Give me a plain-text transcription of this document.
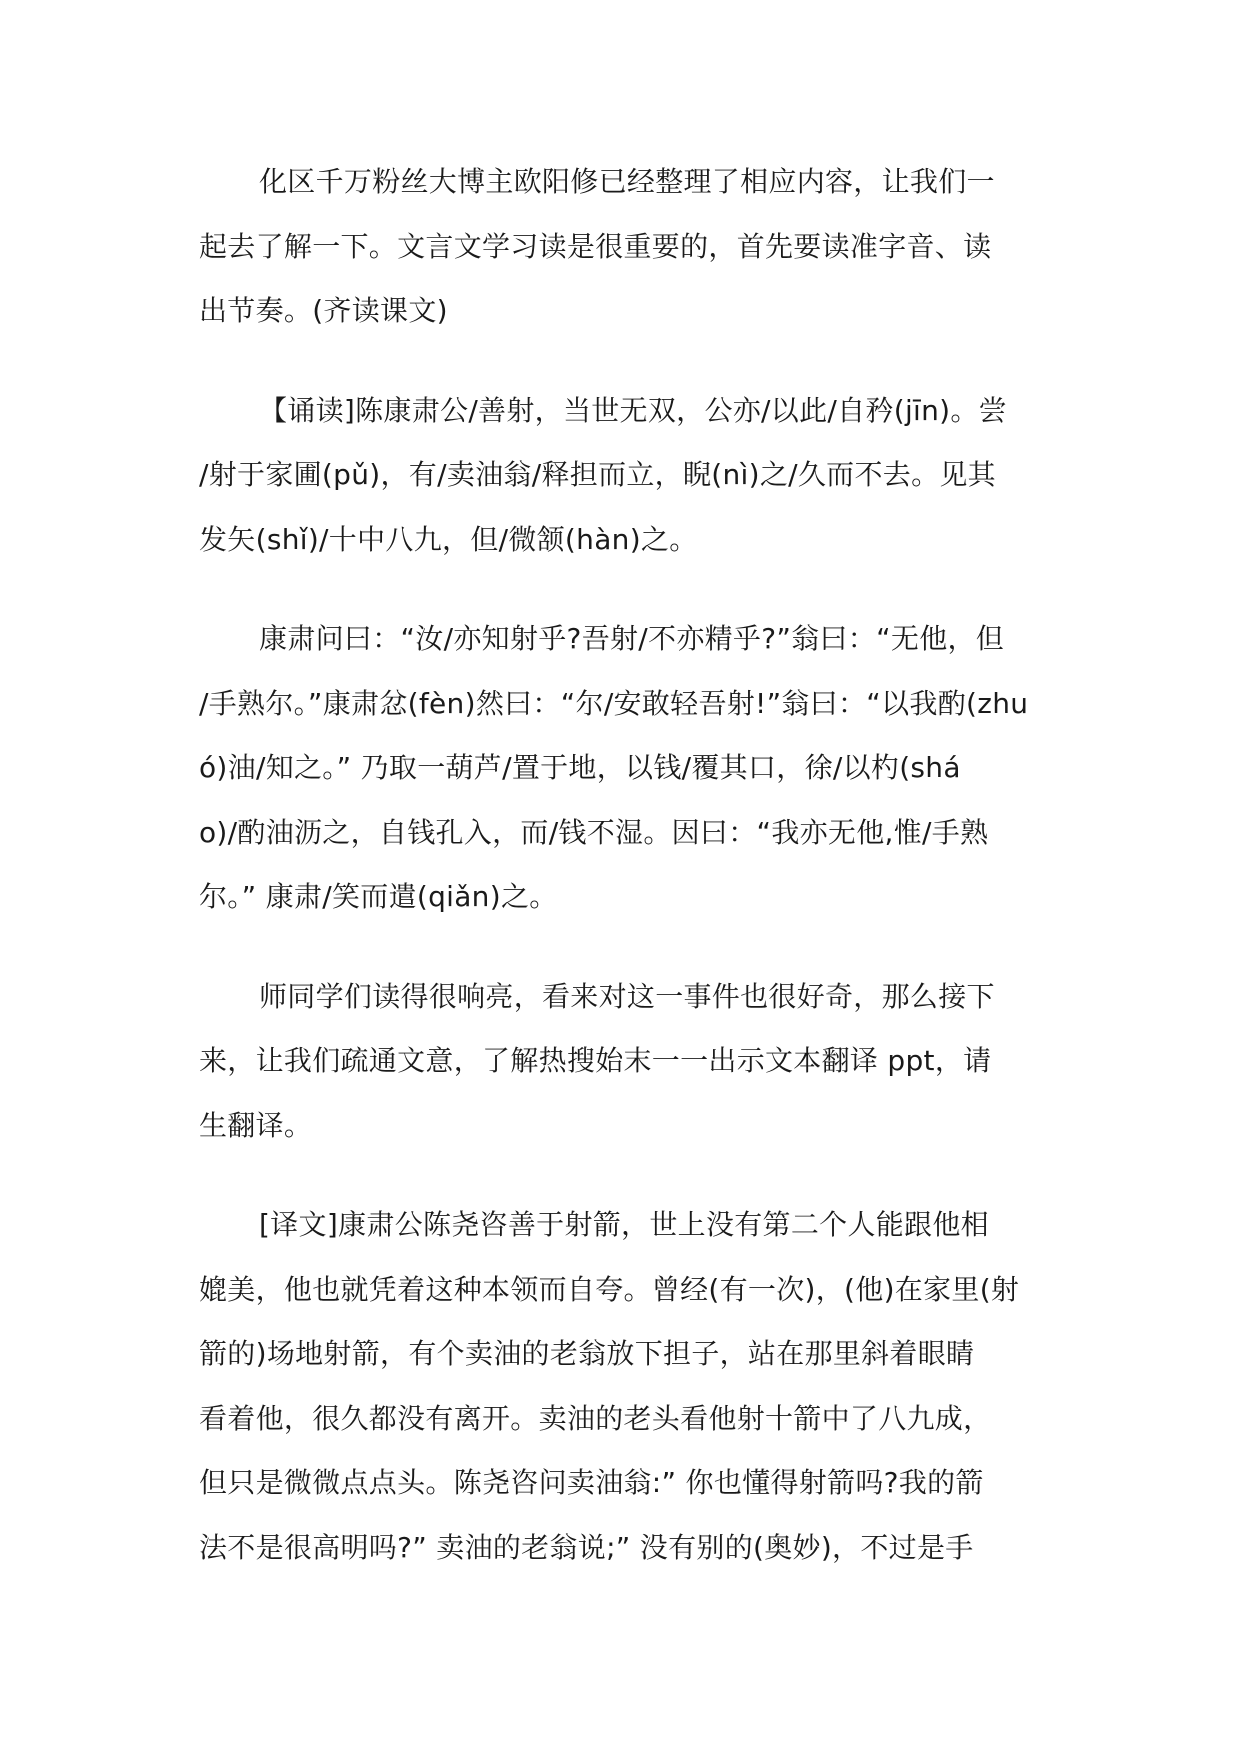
化区千万粉丝大博主欧阳修已经整理了相应内容，让我们一
起去了解一下。文言文学习读是很重要的，首先要读准字音、读
出节奏。(齐读课文)
【诵读]陈康肃公/善射，当世无双，公亦/以此/自矜(jīn)。尝
/射于家圃(pǔ)，有/卖油翁/释担而立，睨(nì)之/久而不去。见其
发矢(shǐ)/十中八九，但/微颔(hàn)之。
康肃问曰：“汝/亦知射乎?吾射/不亦精乎?”翁曰：“无他，但
/手熟尔。”康肃忿(fèn)然曰：“尔/安敢轻吾射!”翁曰：“以我酌(zhu
ó)油/知之。” 乃取一葫芦/置于地，以钱/覆其口，徐/以杓(shá
o)/酌油沥之，自钱孔入，而/钱不湿。因曰：“我亦无他,惟/手熟
尔。” 康肃/笑而遣(qiǎn)之。
师同学们读得很响亮，看来对这一事件也很好奇，那么接下
来，让我们疏通文意，了解热搜始末一一出示文本翻译 ppt，请
生翻译。
[译文]康肃公陈尧咨善于射箭，世上没有第二个人能跟他相
媲美，他也就凭着这种本领而自夸。曾经(有一次)，(他)在家里(射
箭的)场地射箭，有个卖油的老翁放下担子，站在那里斜着眼睛
看着他，很久都没有离开。卖油的老头看他射十箭中了八九成，
但只是微微点点头。陈尧咨问卖油翁:” 你也懂得射箭吗?我的箭
法不是很高明吗?” 卖油的老翁说;” 没有别的(奥妙)，不过是手
